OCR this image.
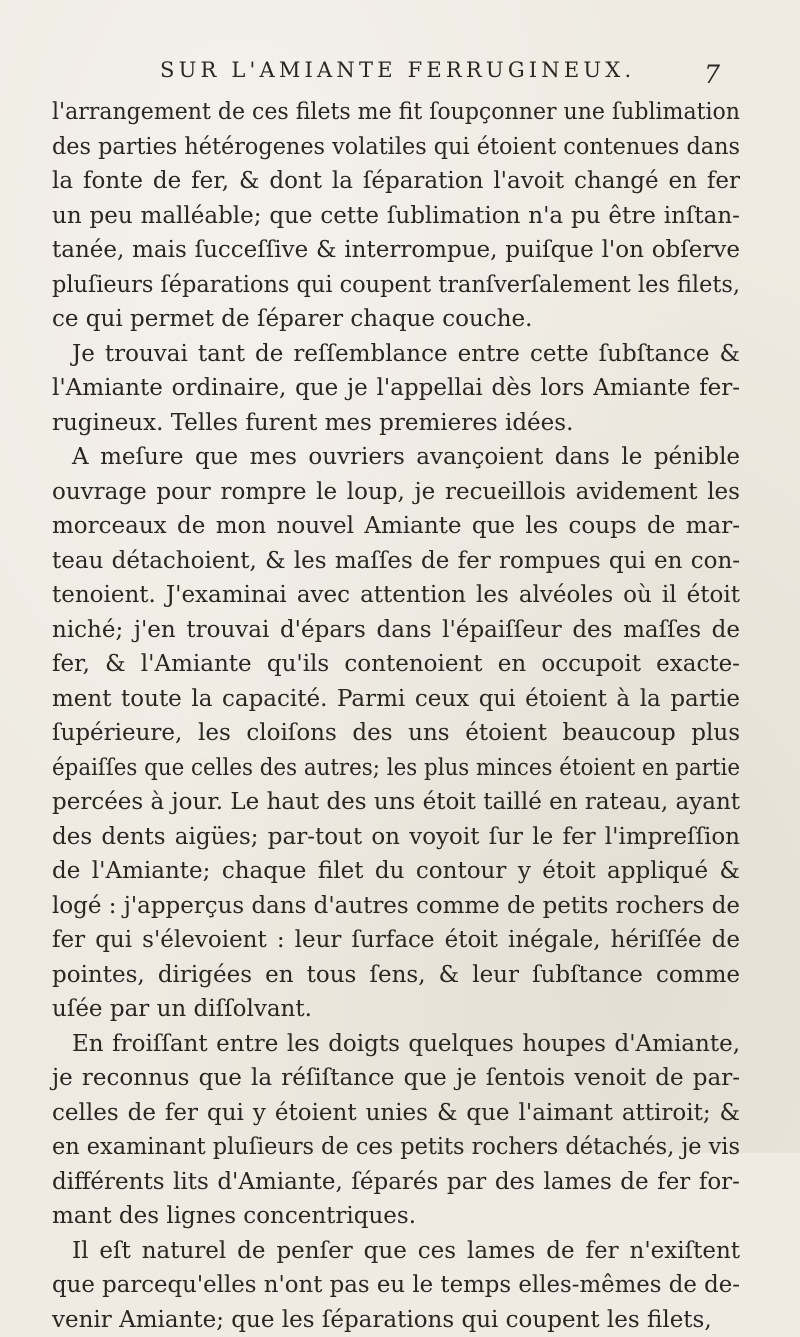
SUR L'AMIANTE FERRUGINEUX.	7
l'arrangement de ces filets me fit ſoupçonner une ſublimation
des parties hétérogenes volatiles qui étoient contenues dans
la fonte de fer, & dont la ſéparation l'avoit changé en fer
un peu malléable; que cette ſublimation n'a pu être inſtan-
tanée, mais ſucceſſive & interrompue, puiſque l'on obſerve
pluſieurs ſéparations qui coupent tranſverſalement les filets,
ce qui permet de ſéparer chaque couche.
Je trouvai tant de reſſemblance entre cette ſubſtance &
l'Amiante ordinaire, que je l'appellai dès lors Amiante fer-
rugineux. Telles furent mes premieres idées.
A meſure que mes ouvriers avançoient dans le pénible
ouvrage pour rompre le loup, je recueillois avidement les
morceaux de mon nouvel Amiante que les coups de mar-
teau détachoient, & les maſſes de fer rompues qui en con-
tenoient. J'examinai avec attention les alvéoles où il étoit
niché; j'en trouvai d'épars dans l'épaiſſeur des maſſes de
fer, & l'Amiante qu'ils contenoient en occupoit exacte-
ment toute la capacité. Parmi ceux qui étoient à la partie
ſupérieure, les cloiſons des uns étoient beaucoup plus
épaiſſes que celles des autres; les plus minces étoient en partie
percées à jour. Le haut des uns étoit taillé en rateau, ayant
des dents aigües; par-tout on voyoit ſur le fer l'impreſſion
de l'Amiante; chaque filet du contour y étoit appliqué &
logé : j'apperçus dans d'autres comme de petits rochers de
fer qui s'élevoient : leur ſurface étoit inégale, hériſſée de
pointes, dirigées en tous ſens, & leur ſubſtance comme
uſée par un diſſolvant.
En froiſſant entre les doigts quelques houpes d'Amiante,
je reconnus que la réſiſtance que je ſentois venoit de par-
celles de fer qui y étoient unies & que l'aimant attiroit; &
en examinant pluſieurs de ces petits rochers détachés, je vis
différents lits d'Amiante, ſéparés par des lames de fer for-
mant des lignes concentriques.
Il eſt naturel de penſer que ces lames de fer n'exiſtent
que parcequ'elles n'ont pas eu le temps elles-mêmes de de-
venir Amiante; que les ſéparations qui coupent les filets,
